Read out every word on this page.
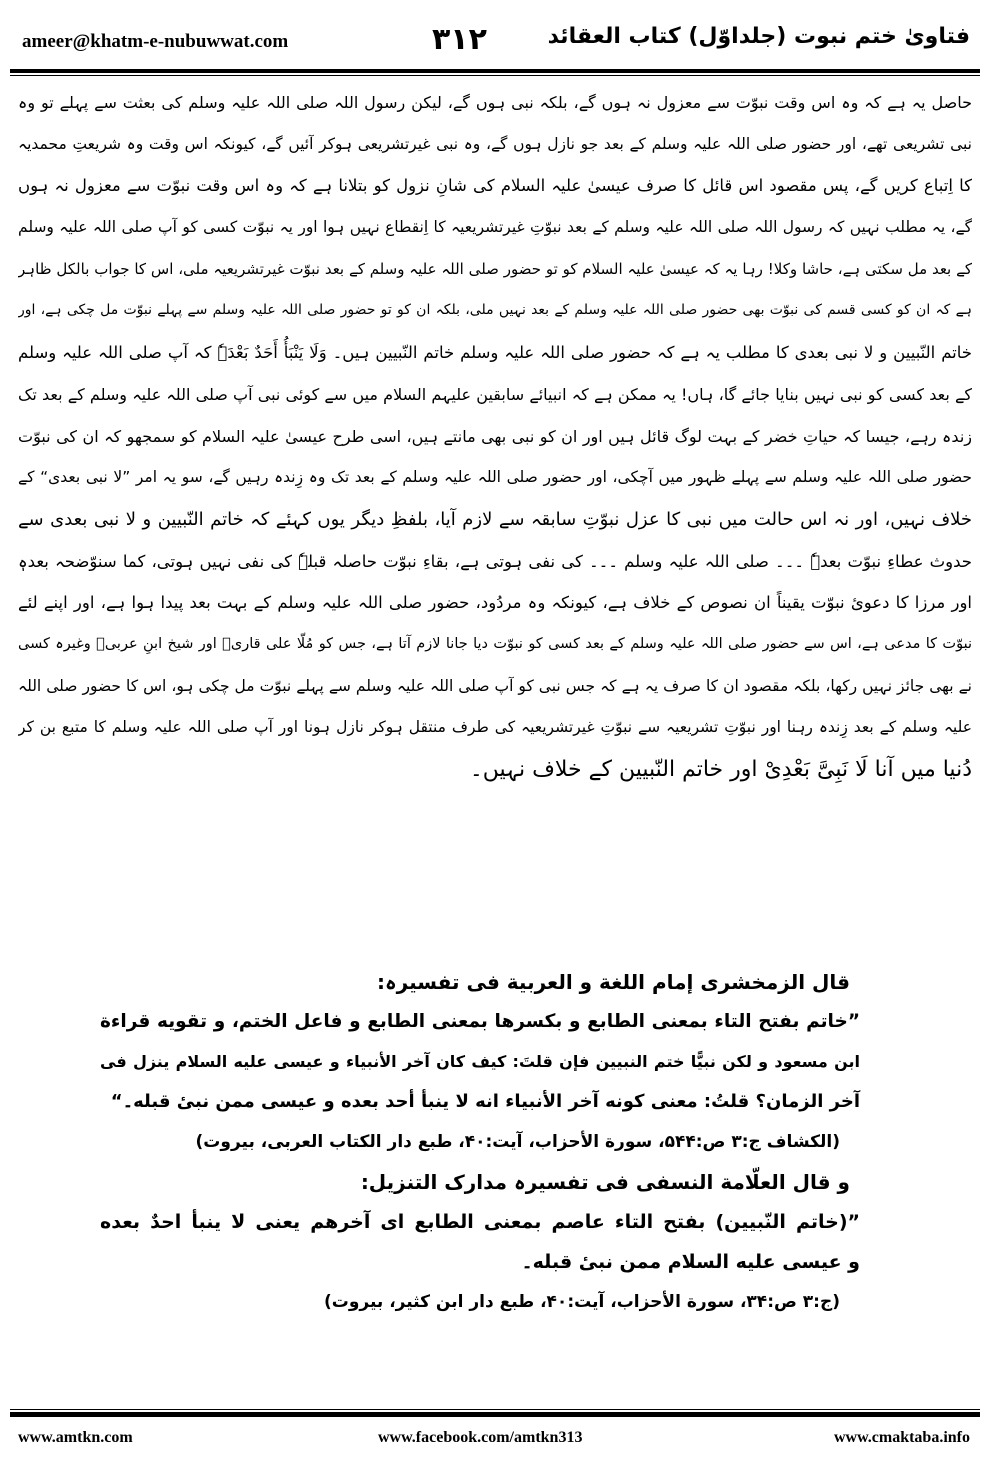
ameer@khatm-e-nubuwwat.com	۳۱۲	فتاویٰ ختم نبوت (جلداوّل) کتاب العقائد
حاصل یہ ہے کہ وہ اس وقت نبوّت سے معزول نہ ہوں گے، بلکہ نبی ہوں گے، لیکن رسول اللہ صلی اللہ علیہ وسلم کی بعثت سے پہلے تو وہ
نبی تشریعی تھے، اور حضور صلی اللہ علیہ وسلم کے بعد جو نازل ہوں گے، وہ نبی غیرتشریعی ہوکر آئیں گے، کیونکہ اس وقت وہ شریعتِ محمدیہ
کا اِتباع کریں گے، پس مقصود اس قائل کا صرف عیسیٰ علیہ السلام کی شانِ نزول کو بتلانا ہے کہ وہ اس وقت نبوّت سے معزول نہ ہوں
گے، یہ مطلب نہیں کہ رسول اللہ صلی اللہ علیہ وسلم کے بعد نبوّتِ غیرتشریعیہ کا اِنقطاع نہیں ہوا اور یہ نبوّت کسی کو آپ صلی اللہ علیہ وسلم
کے بعد مل سکتی ہے، حاشا وکلا! رہا یہ کہ عیسیٰ علیہ السلام کو تو حضور صلی اللہ علیہ وسلم کے بعد نبوّت غیرتشریعیہ ملی، اس کا جواب بالکل ظاہر
ہے کہ ان کو کسی قسم کی نبوّت بھی حضور صلی اللہ علیہ وسلم کے بعد نہیں ملی، بلکہ ان کو تو حضور صلی اللہ علیہ وسلم سے پہلے نبوّت مل چکی ہے، اور
خاتم النّبیین و لا نبی بعدی کا مطلب یہ ہے کہ حضور صلی اللہ علیہ وسلم خاتم النّبیین ہیں۔ وَلَا یَنْبَأُ أَحَدٌ بَعْدَہٗ کہ آپ صلی اللہ علیہ وسلم
کے بعد کسی کو نبی نہیں بنایا جائے گا، ہاں! یہ ممکن ہے کہ انبیائے سابقین علیہم السلام میں سے کوئی نبی آپ صلی اللہ علیہ وسلم کے بعد تک
زندہ رہے، جیسا کہ حیاتِ خضر کے بہت لوگ قائل ہیں اور ان کو نبی بھی مانتے ہیں، اسی طرح عیسیٰ علیہ السلام کو سمجھو کہ ان کی نبوّت
حضور صلی اللہ علیہ وسلم سے پہلے ظہور میں آچکی، اور حضور صلی اللہ علیہ وسلم کے بعد تک وہ زِندہ رہیں گے، سو یہ امر ”لا نبی بعدی“ کے
خلاف نہیں، اور نہ اس حالت میں نبی کا عزل نبوّتِ سابقہ سے لازم آیا، بلفظِ دیگر یوں کہئے کہ خاتم النّبیین و لا نبی بعدی سے
حدوث عطاءِ نبوّت بعدہٗ ۔۔۔ صلی اللہ علیہ وسلم ۔۔۔ کی نفی ہوتی ہے، بقاءِ نبوّت حاصلہ قبلہٗ کی نفی نہیں ہوتی، کما سنوّضحہ بعدہٖ
اور مرزا کا دعویٔ نبوّت یقیناً ان نصوص کے خلاف ہے، کیونکہ وہ مردُود، حضور صلی اللہ علیہ وسلم کے بہت بعد پیدا ہوا ہے، اور اپنے لئے
نبوّت کا مدعی ہے، اس سے حضور صلی اللہ علیہ وسلم کے بعد کسی کو نبوّت دیا جانا لازم آتا ہے، جس کو مُلّا علی قاریؒ اور شیخ ابنِ عربیؒ وغیرہ کسی
نے بھی جائز نہیں رکھا، بلکہ مقصود ان کا صرف یہ ہے کہ جس نبی کو آپ صلی اللہ علیہ وسلم سے پہلے نبوّت مل چکی ہو، اس کا حضور صلی اللہ
علیہ وسلم کے بعد زِندہ رہنا اور نبوّتِ تشریعیہ سے نبوّتِ غیرتشریعیہ کی طرف منتقل ہوکر نازل ہونا اور آپ صلی اللہ علیہ وسلم کا متبع بن کر
دُنیا میں آنا لَا نَبِیَّ بَعْدِیْ اور خاتم النّبیین کے خلاف نہیں۔
قال الزمخشری إمام اللغة و العربیة فی تفسیرہ:
”خاتم بفتح التاء بمعنی الطابع و بکسرها بمعنی الطابع و فاعل الختم، و تقویه قراءة
ابن مسعود و لکن نبیًّا ختم النبیین فإن قلتَ: کیف کان آخر الأنبیاء و عیسی علیه السلام ینزل فی
آخر الزمان؟ قلتُ: معنی کونه آخر الأنبیاء انه لا ینبأ أحد بعده و عیسی ممن نبیٔ قبله۔“
(الکشاف ج:۳ ص:۵۴۴، سورة الأحزاب، آیت:۴۰، طبع دار الکتاب العربی، بیروت)
و قال العلّامة النسفی فی تفسیرہ مدارک التنزیل:
”(خاتم النّبیین) بفتح التاء عاصم بمعنی الطابع ای آخرهم یعنی لا ینبأ احدٌ بعده
و عیسی علیه السلام ممن نبیٔ قبله۔
(ج:۳ ص:۳۴، سورة الأحزاب، آیت:۴۰، طبع دار ابن کثیر، بیروت)
www.amtkn.com	www.facebook.com/amtkn313	www.cmaktaba.info
